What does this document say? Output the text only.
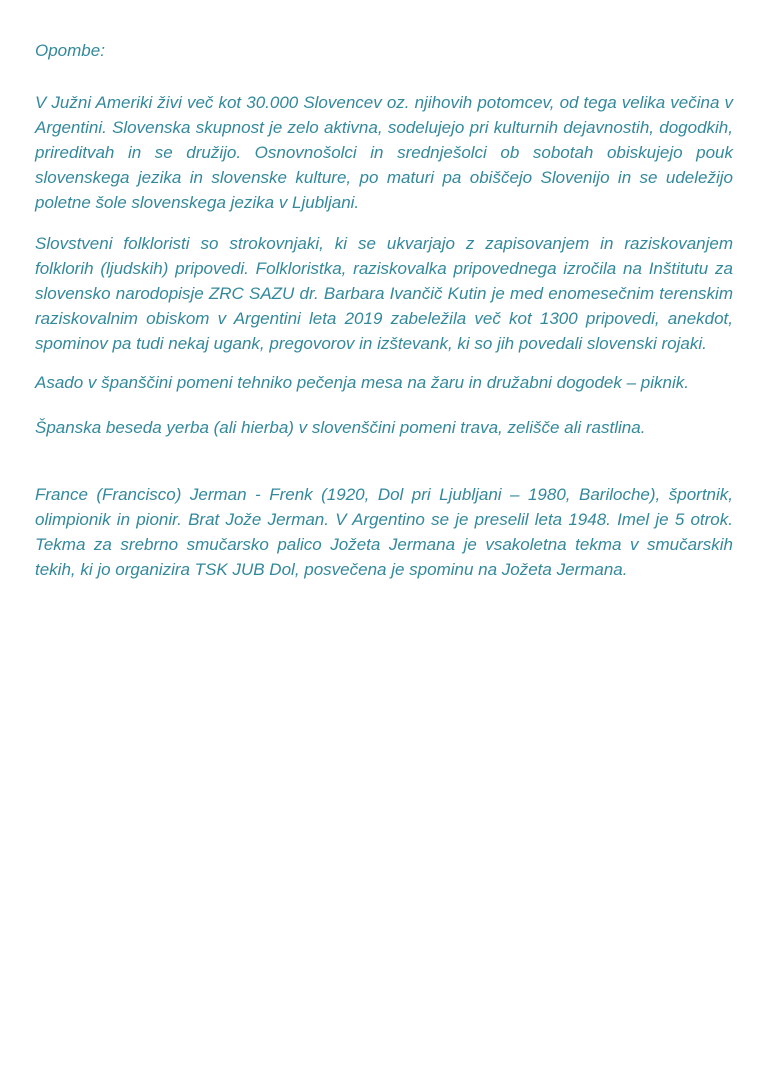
Opombe:

V Južni Ameriki živi več kot 30.000 Slovencev oz. njihovih potomcev, od tega velika večina v Argentini. Slovenska skupnost je zelo aktivna, sodelujejo pri kulturnih dejavnostih, dogodkih, prireditvah in se družijo. Osnovnošolci in srednješolci ob sobotah obiskujejo pouk slovenskega jezika in slovenske kulture, po maturi pa obiščejo Slovenijo in se udeležijo poletne šole slovenskega jezika v Ljubljani.

Slovstveni folkloristi so strokovnjaki, ki se ukvarjajo z zapisovanjem in raziskovanjem folklorih (ljudskih) pripovedi. Folkloristka, raziskovalka pripovednega izročila na Inštitutu za slovensko narodopisje ZRC SAZU dr. Barbara Ivančič Kutin je med enomesečnim terenskim raziskovalnim obiskom v Argentini leta 2019 zabeležila več kot 1300 pripovedi, anekdot, spominov pa tudi nekaj ugank, pregovorov in izštevank, ki so jih povedali slovenski rojaki.

Asado v španščini pomeni tehniko pečenja mesa na žaru in družabni dogodek – piknik.

Španska beseda yerba (ali hierba) v slovenščini pomeni trava, zelišče ali rastlina.

France (Francisco) Jerman - Frenk (1920, Dol pri Ljubljani – 1980, Bariloche), športnik, olimpionik in pionir. Brat Jože Jerman. V Argentino se je preselil leta 1948. Imel je 5 otrok. Tekma za srebrno smučarsko palico Jožeta Jermana je vsakoletna tekma v smučarskih tekih, ki jo organizira TSK JUB Dol, posvečena je spominu na Jožeta Jermana.
